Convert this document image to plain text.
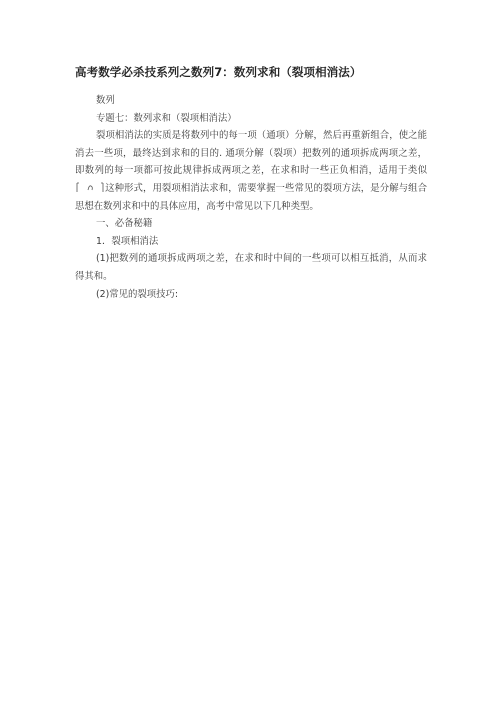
高考数学必杀技系列之数列7：数列求和（裂项相消法）

数列

专题七：数列求和（裂项相消法）

裂项相消法的实质是将数列中的每一项（通项）分解，然后再重新组合，使之能消去一些项，最终达到求和的目的. 通项分解（裂项）把数列的通项拆成两项之差，即数列的每一项都可按此规律拆成两项之差，在求和时一些正负相消，适用于类似
这种形式，用裂项相消法求和，需要掌握一些常见的裂项方法，是分解与组合思想在数列求和中的具体应用，高考中常见以下几种类型。

一、必备秘籍

1．裂项相消法

(1)把数列的通项拆成两项之差，在求和时中间的一些项可以相互抵消，从而求得其和。

(2)常见的裂项技巧:
